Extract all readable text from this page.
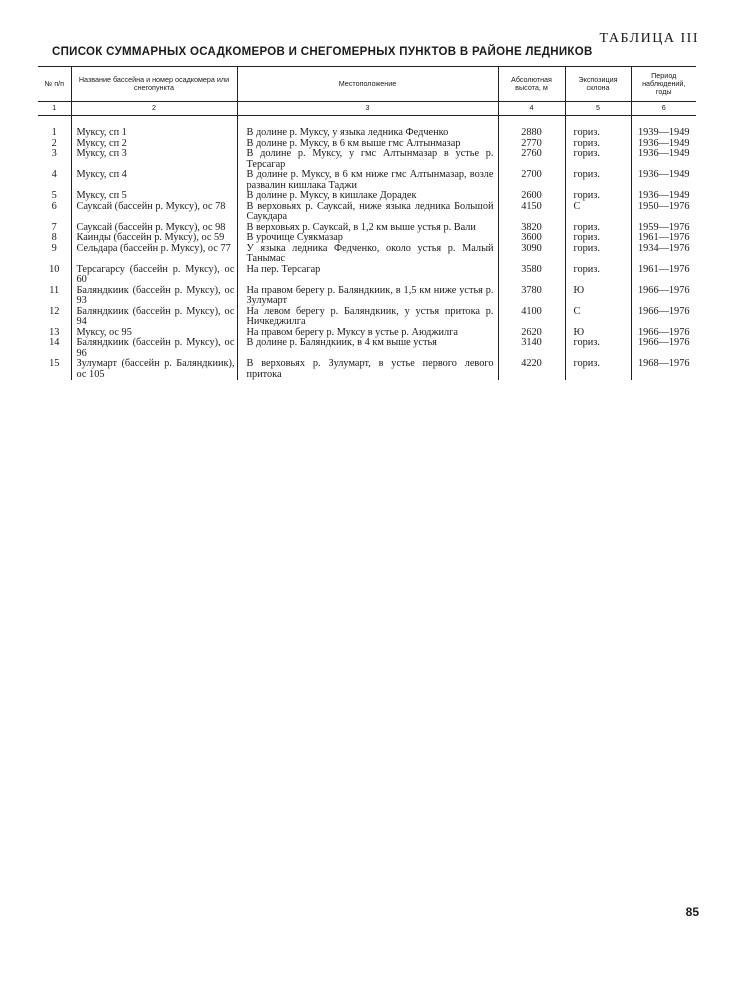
ТАБЛИЦА III
СПИСОК СУММАРНЫХ ОСАДКОМЕРОВ И СНЕГОМЕРНЫХ ПУНКТОВ В РАЙОНЕ ЛЕДНИКОВ
№ п/п	Название бассейна и номер осадкомера или снегопункта	Местоположение	Абсолютная высота, м	Экспозиция склона	Период наблюдений, годы
1	2	3	4	5	6

1	Муксу, сп 1	В долине р. Муксу, у языка ледника Федченко	2880	гориз.	1939—1949
2	Муксу, сп 2	В долине р. Муксу, в 6 км выше гмс Алтынмазар	2770	гориз.	1936—1949
3	Муксу, сп 3	В долине р. Муксу, у гмс Алтынмазар в устье р. Терсагар	2760	гориз.	1936—1949
4	Муксу, сп 4	В долине р. Муксу, в 6 км ниже гмс Алтынмазар, возле развалин кишлака Таджи	2700	гориз.	1936—1949
5	Муксу, сп 5	В долине р. Муксу, в кишлаке Дорадек	2600	гориз.	1936—1949
6	Сауксай (бассейн р. Муксу), ос 78	В верховьях р. Сауксай, ниже языка ледника Большой Саукдара	4150	С	1950—1976
7	Сауксай (бассейн р. Муксу), ос 98	В верховьях р. Сауксай, в 1,2 км выше устья р. Вали	3820	гориз.	1959—1976
8	Каинды (бассейн р. Муксу), ос 59	В урочище Суякмазар	3600	гориз.	1961—1976
9	Сельдара (бассейн р. Муксу), ос 77	У языка ледника Федченко, около устья р. Малый Танымас	3090	гориз.	1934—1976
10	Терсагарсу (бассейн р. Муксу), ос 60	На пер. Терсагар	3580	гориз.	1961—1976
11	Баляндкиик (бассейн р. Муксу), ос 93	На правом берегу р. Баляндкиик, в 1,5 км ниже устья р. Зулумарт	3780	Ю	1966—1976
12	Баляндкиик (бассейн р. Муксу), ос 94	На левом берегу р. Баляндкиик, у устья притока р. Ничкеджилга	4100	С	1966—1976
13	Муксу, ос 95	На правом берегу р. Муксу в устье р. Аюджилга	2620	Ю	1966—1976
14	Баляндкиик (бассейн р. Муксу), ос 96	В долине р. Баляндкиик, в 4 км выше устья	3140	гориз.	1966—1976
15	Зулумарт (бассейн р. Баляндкиик), ос 105	В верховьях р. Зулумарт, в устье первого левого притока	4220	гориз.	1968—1976
85
